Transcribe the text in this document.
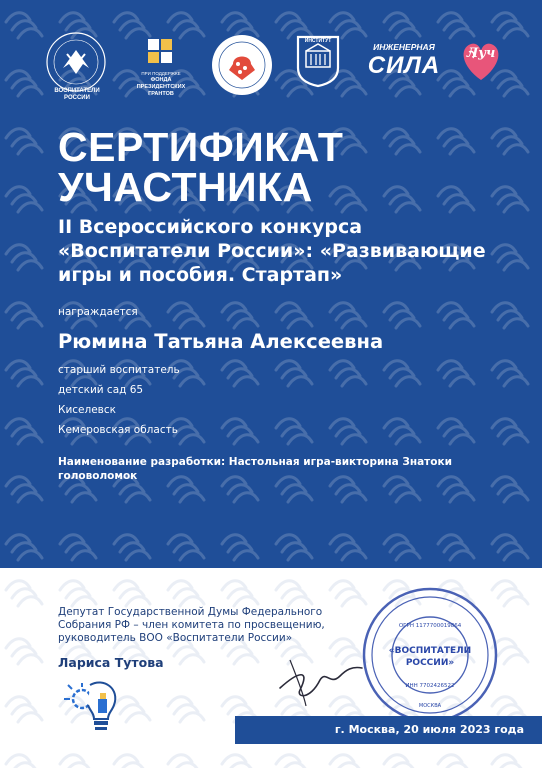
ВОСПИТАТЕЛИ
РОССИИ
ПРИ ПОДДЕРЖКЕ
ФОНДА
ПРЕЗИДЕНТСКИХ
ГРАНТОВ
ИНСТИТУТ
ИНЖЕНЕРНАЯ
СИЛА	Луч
СЕРТИФИКАТ
УЧАСТНИКА
II Всероссийского конкурса
«Воспитатели России»: «Развивающие
игры и пособия. Стартап»
награждается
Рюмина Татьяна Алексеевна
старший воспитатель
детский сад 65
Киселевск
Кемеровская область
Наименование разработки: Настольная игра-викторина Знатоки
головоломок
Депутат Государственной Думы Федерального
Собрания РФ – член комитета по просвещению,
руководитель ВОО «Воспитатели России»
Лариса Тутова
«ВОСПИТАТЕЛИ
РОССИИ»
ОГРН 1177700019864
ИНН 7702426522
МОСКВА
г. Москва, 20 июля 2023 года
